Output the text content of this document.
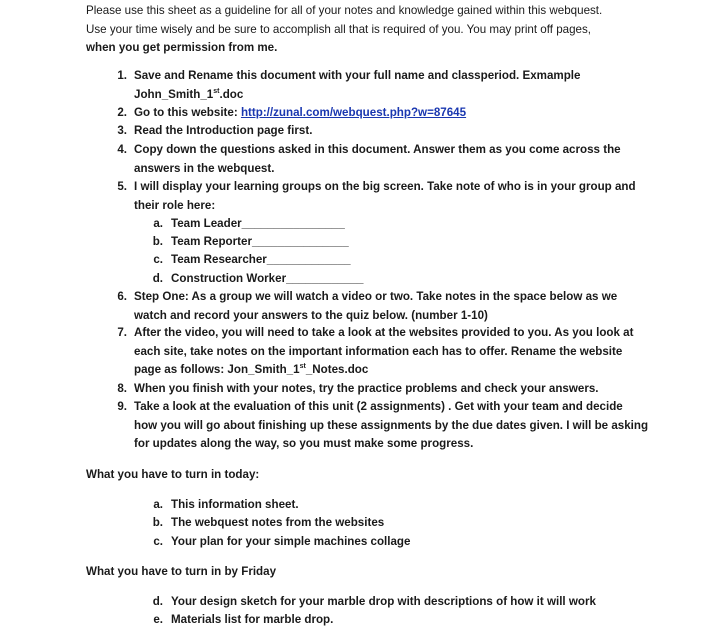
Please use this sheet as a guideline for all of your notes and knowledge gained within this webquest.
Use your time wisely and be sure to accomplish all that is required of you. You may print off pages,
when you get permission from me.
1. Save and Rename this document with your full name and classperiod. Exmample
John_Smith_1st.doc
2. Go to this website: http://zunal.com/webquest.php?w=87645
3. Read the Introduction page first.
4. Copy down the questions asked in this document. Answer them as you come across the
answers in the webquest.
5. I will display your learning groups on the big screen. Take note of who is in your group and
their role here:
a. Team Leader________________
b. Team Reporter_______________
c. Team Researcher_____________
d. Construction Worker____________
6. Step One: As a group we will watch a video or two. Take notes in the space below as we
watch and record your answers to the quiz below. (number 1-10)
7. After the video, you will need to take a look at the websites provided to you. As you look at
each site, take notes on the important information each has to offer. Rename the website
page as follows: Jon_Smith_1st_Notes.doc
8. When you finish with your notes, try the practice problems and check your answers.
9. Take a look at the evaluation of this unit (2 assignments) . Get with your team and decide
how you will go about finishing up these assignments by the due dates given. I will be asking
for updates along the way, so you must make some progress.
What you have to turn in today:
a. This information sheet.
b. The webquest notes from the websites
c. Your plan for your simple machines collage
What you have to turn in by Friday
d. Your design sketch for your marble drop with descriptions of how it will work
e. Materials list for marble drop.
